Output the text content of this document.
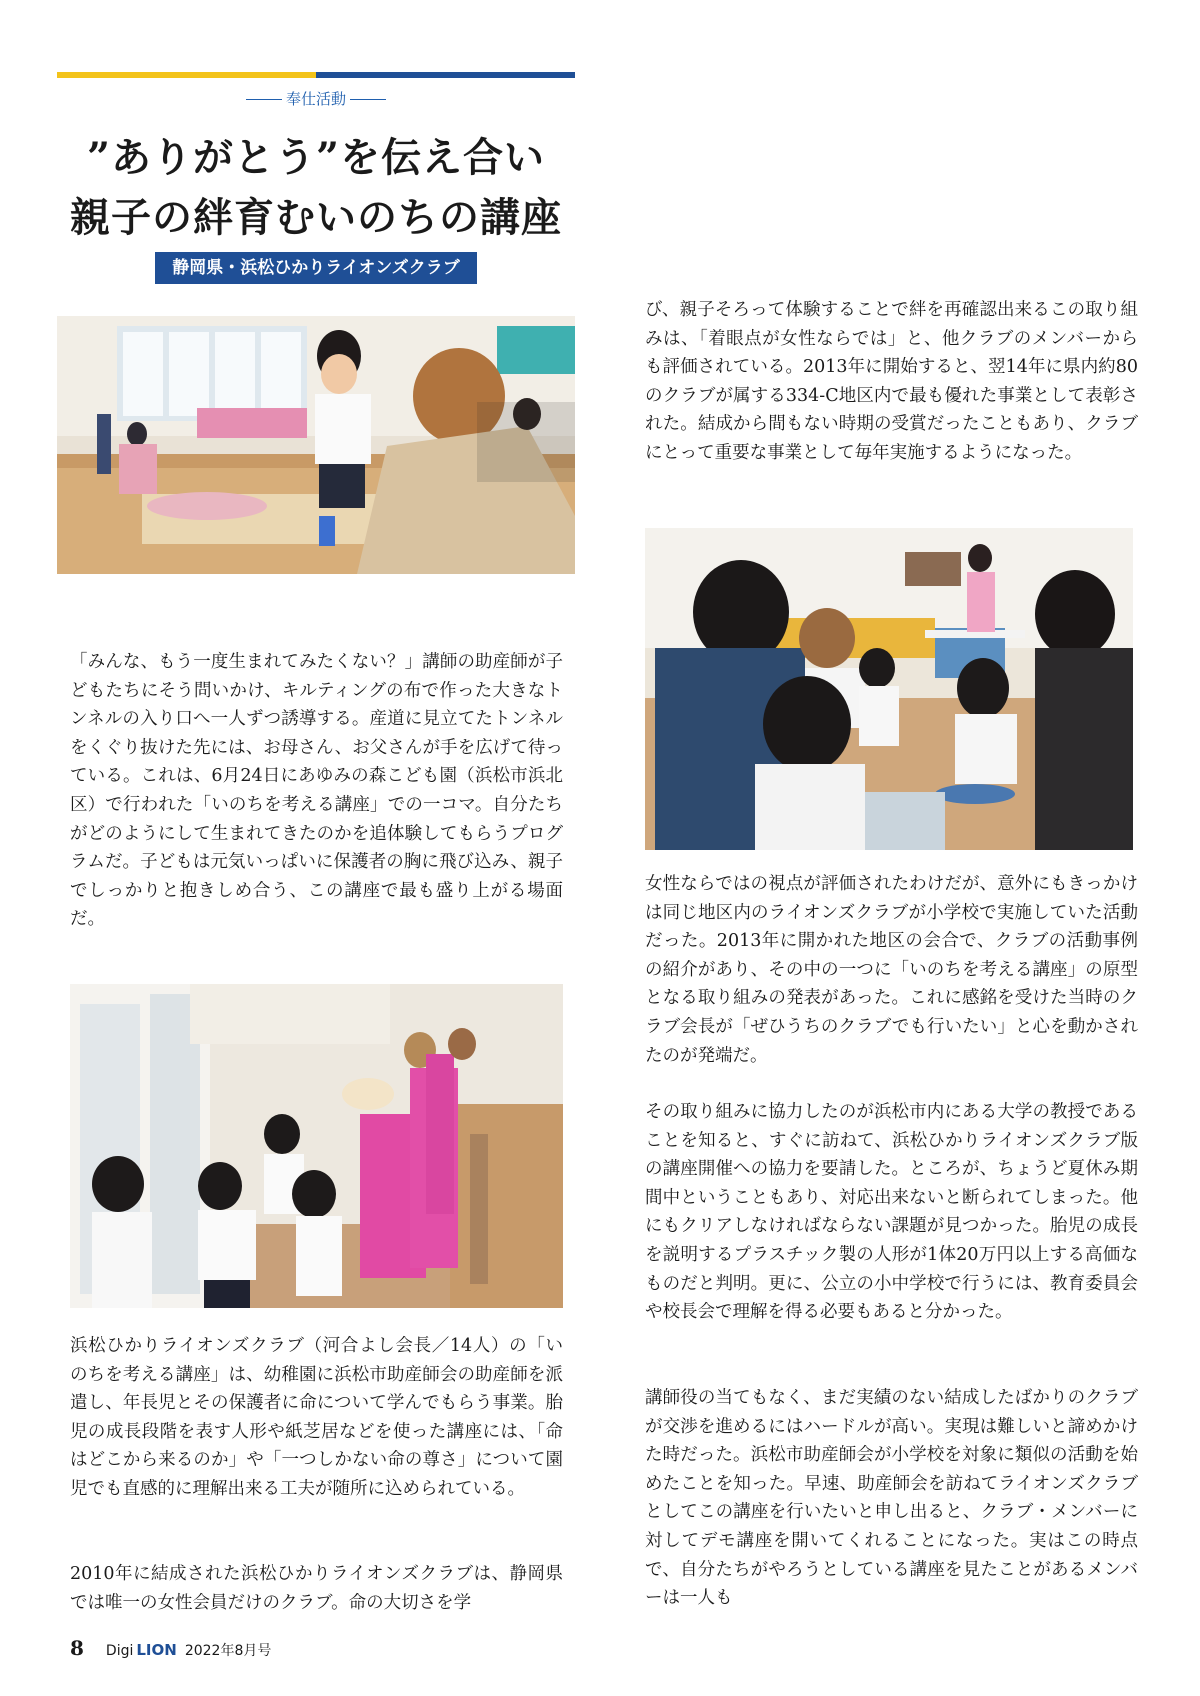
奉仕活動
”ありがとう”を伝え合い
親子の絆育むいのちの講座
静岡県・浜松ひかりライオンズクラブ
「みんな、もう一度生まれてみたくない？」講師の助産師が子どもたちにそう問いかけ、キルティングの布で作った大きなトンネルの入り口へ一人ずつ誘導する。産道に見立てたトンネルをくぐり抜けた先には、お母さん、お父さんが手を広げて待っている。これは、6月24日にあゆみの森こども園（浜松市浜北区）で行われた「いのちを考える講座」での一コマ。自分たちがどのようにして生まれてきたのかを追体験してもらうプログラムだ。子どもは元気いっぱいに保護者の胸に飛び込み、親子でしっかりと抱きしめ合う、この講座で最も盛り上がる場面だ。
浜松ひかりライオンズクラブ（河合よし会長／14人）の「いのちを考える講座」は、幼稚園に浜松市助産師会の助産師を派遣し、年長児とその保護者に命について学んでもらう事業。胎児の成長段階を表す人形や紙芝居などを使った講座には、「命はどこから来るのか」や「一つしかない命の尊さ」について園児でも直感的に理解出来る工夫が随所に込められている。
2010年に結成された浜松ひかりライオンズクラブは、静岡県では唯一の女性会員だけのクラブ。命の大切さを学
び、親子そろって体験することで絆を再確認出来るこの取り組みは、「着眼点が女性ならでは」と、他クラブのメンバーからも評価されている。2013年に開始すると、翌14年に県内約80のクラブが属する334-C地区内で最も優れた事業として表彰された。結成から間もない時期の受賞だったこともあり、クラブにとって重要な事業として毎年実施するようになった。
女性ならではの視点が評価されたわけだが、意外にもきっかけは同じ地区内のライオンズクラブが小学校で実施していた活動だった。2013年に開かれた地区の会合で、クラブの活動事例の紹介があり、その中の一つに「いのちを考える講座」の原型となる取り組みの発表があった。これに感銘を受けた当時のクラブ会長が「ぜひうちのクラブでも行いたい」と心を動かされたのが発端だ。
その取り組みに協力したのが浜松市内にある大学の教授であることを知ると、すぐに訪ねて、浜松ひかりライオンズクラブ版の講座開催への協力を要請した。ところが、ちょうど夏休み期間中ということもあり、対応出来ないと断られてしまった。他にもクリアしなければならない課題が見つかった。胎児の成長を説明するプラスチック製の人形が1体20万円以上する高価なものだと判明。更に、公立の小中学校で行うには、教育委員会や校長会で理解を得る必要もあると分かった。
講師役の当てもなく、まだ実績のない結成したばかりのクラブが交渉を進めるにはハードルが高い。実現は難しいと諦めかけた時だった。浜松市助産師会が小学校を対象に類似の活動を始めたことを知った。早速、助産師会を訪ねてライオンズクラブとしてこの講座を行いたいと申し出ると、クラブ・メンバーに対してデモ講座を開いてくれることになった。実はこの時点で、自分たちがやろうとしている講座を見たことがあるメンバーは一人も
8 Digi LION 2022年8月号
